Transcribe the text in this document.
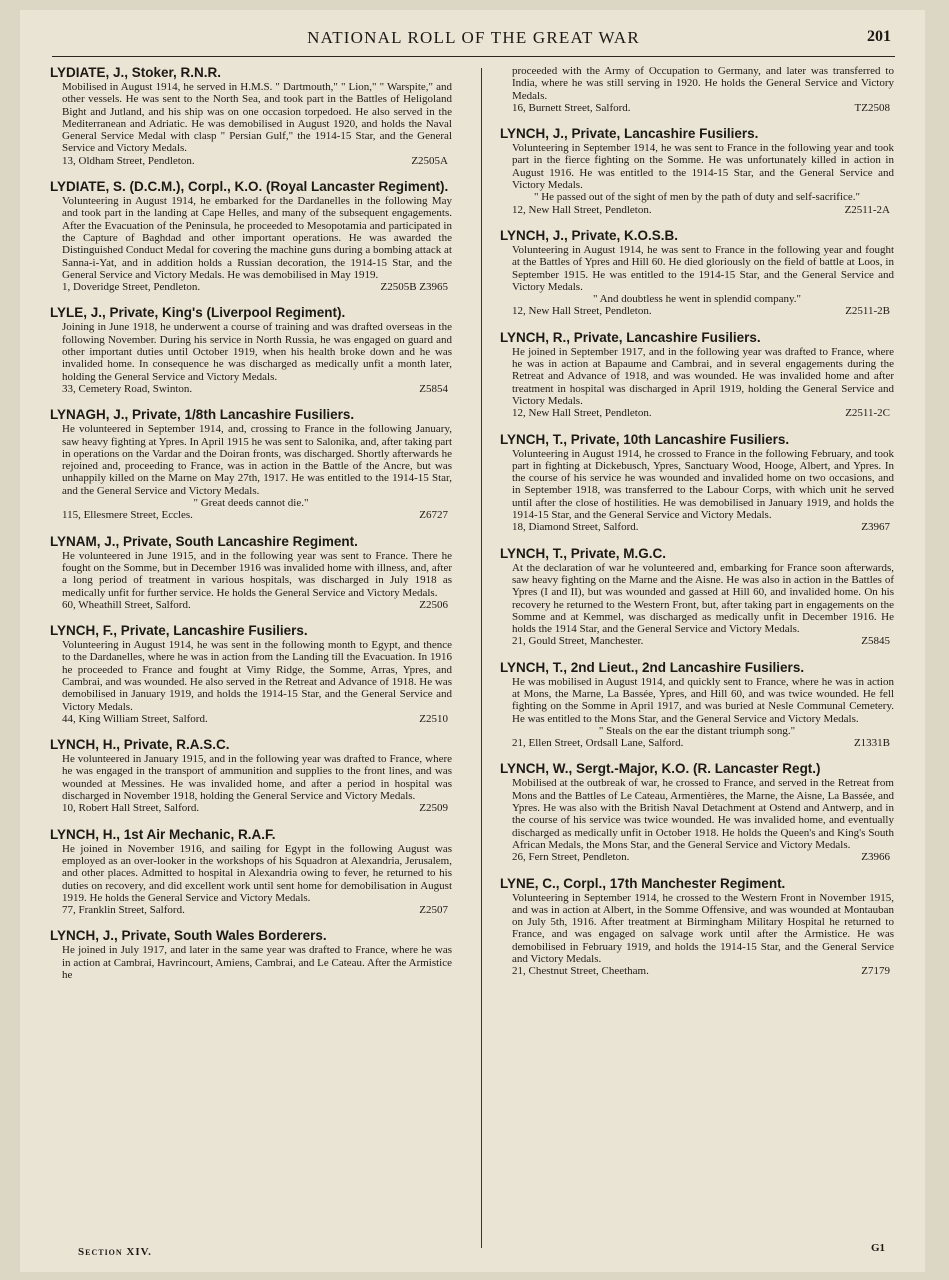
NATIONAL ROLL OF THE GREAT WAR	201
LYDIATE, J., Stoker, R.N.R.
Mobilised in August 1914, he served in H.M.S. " Dartmouth," " Lion," " Warspite," and other vessels. He was sent to the North Sea, and took part in the Battles of Heligoland Bight and Jutland, and his ship was on one occasion torpedoed. He also served in the Mediterranean and Adriatic. He was demobilised in August 1920, and holds the Naval General Service Medal with clasp " Persian Gulf," the 1914-15 Star, and the General Service and Victory Medals.
13, Oldham Street, Pendleton.	Z2505A
LYDIATE, S. (D.C.M.), Corpl., K.O. (Royal Lancaster Regiment).
Volunteering in August 1914, he embarked for the Dardanelles in the following May and took part in the landing at Cape Helles, and many of the subsequent engagements. After the Evacuation of the Peninsula, he proceeded to Mesopotamia and participated in the Capture of Baghdad and other important operations. He was awarded the Distinguished Conduct Medal for covering the machine guns during a bombing attack at Sanna-i-Yat, and in addition holds a Russian decoration, the 1914-15 Star, and the General Service and Victory Medals. He was demobilised in May 1919.
1, Doveridge Street, Pendleton.	Z2505B Z3965
LYLE, J., Private, King's (Liverpool Regiment).
Joining in June 1918, he underwent a course of training and was drafted overseas in the following November. During his service in North Russia, he was engaged on guard and other important duties until October 1919, when his health broke down and he was invalided home. In consequence he was discharged as medically unfit a month later, holding the General Service and Victory Medals.
33, Cemetery Road, Swinton.	Z5854
LYNAGH, J., Private, 1/8th Lancashire Fusiliers.
He volunteered in September 1914, and, crossing to France in the following January, saw heavy fighting at Ypres. In April 1915 he was sent to Salonika, and, after taking part in operations on the Vardar and the Doiran fronts, was discharged. Shortly afterwards he rejoined and, proceeding to France, was in action in the Battle of the Ancre, but was unhappily killed on the Marne on May 27th, 1917. He was entitled to the 1914-15 Star, and the General Service and Victory Medals.
" Great deeds cannot die."
115, Ellesmere Street, Eccles.	Z6727
LYNAM, J., Private, South Lancashire Regiment.
He volunteered in June 1915, and in the following year was sent to France. There he fought on the Somme, but in December 1916 was invalided home with illness, and, after a long period of treatment in various hospitals, was discharged in July 1918 as medically unfit for further service. He holds the General Service and Victory Medals.
60, Wheathill Street, Salford.	Z2506
LYNCH, F., Private, Lancashire Fusiliers.
Volunteering in August 1914, he was sent in the following month to Egypt, and thence to the Dardanelles, where he was in action from the Landing till the Evacuation. In 1916 he proceeded to France and fought at Vimy Ridge, the Somme, Arras, Ypres, and Cambrai, and was wounded. He also served in the Retreat and Advance of 1918. He was demobilised in January 1919, and holds the 1914-15 Star, and the General Service and Victory Medals.
44, King William Street, Salford.	Z2510
LYNCH, H., Private, R.A.S.C.
He volunteered in January 1915, and in the following year was drafted to France, where he was engaged in the transport of ammunition and supplies to the front lines, and was wounded at Messines. He was invalided home, and after a period in hospital was discharged in November 1918, holding the General Service and Victory Medals.
10, Robert Hall Street, Salford.	Z2509
LYNCH, H., 1st Air Mechanic, R.A.F.
He joined in November 1916, and sailing for Egypt in the following August was employed as an over-looker in the workshops of his Squadron at Alexandria, Jerusalem, and other places. Admitted to hospital in Alexandria owing to fever, he returned to his duties on recovery, and did excellent work until sent home for demobilisation in August 1919. He holds the General Service and Victory Medals.
77, Franklin Street, Salford.	Z2507
LYNCH, J., Private, South Wales Borderers.
He joined in July 1917, and later in the same year was drafted to France, where he was in action at Cambrai, Havrincourt, Amiens, Cambrai, and Le Cateau. After the Armistice he
proceeded with the Army of Occupation to Germany, and later was transferred to India, where he was still serving in 1920. He holds the General Service and Victory Medals.
16, Burnett Street, Salford.	TZ2508
LYNCH, J., Private, Lancashire Fusiliers.
Volunteering in September 1914, he was sent to France in the following year and took part in the fierce fighting on the Somme. He was unfortunately killed in action in August 1916. He was entitled to the 1914-15 Star, and the General Service and Victory Medals.
" He passed out of the sight of men by the path of duty and self-sacrifice."
12, New Hall Street, Pendleton.	Z2511-2A
LYNCH, J., Private, K.O.S.B.
Volunteering in August 1914, he was sent to France in the following year and fought at the Battles of Ypres and Hill 60. He died gloriously on the field of battle at Loos, in September 1915. He was entitled to the 1914-15 Star, and the General Service and Victory Medals.
" And doubtless he went in splendid company."
12, New Hall Street, Pendleton.	Z2511-2B
LYNCH, R., Private, Lancashire Fusiliers.
He joined in September 1917, and in the following year was drafted to France, where he was in action at Bapaume and Cambrai, and in several engagements during the Retreat and Advance of 1918, and was wounded. He was invalided home and after treatment in hospital was discharged in April 1919, holding the General Service and Victory Medals.
12, New Hall Street, Pendleton.	Z2511-2C
LYNCH, T., Private, 10th Lancashire Fusiliers.
Volunteering in August 1914, he crossed to France in the following February, and took part in fighting at Dickebusch, Ypres, Sanctuary Wood, Hooge, Albert, and Ypres. In the course of his service he was wounded and invalided home on two occasions, and in September 1918, was transferred to the Labour Corps, with which unit he served until after the close of hostilities. He was demobilised in January 1919, and holds the 1914-15 Star, and the General Service and Victory Medals.
18, Diamond Street, Salford.	Z3967
LYNCH, T., Private, M.G.C.
At the declaration of war he volunteered and, embarking for France soon afterwards, saw heavy fighting on the Marne and the Aisne. He was also in action in the Battles of Ypres (I and II), but was wounded and gassed at Hill 60, and invalided home. On his recovery he returned to the Western Front, but, after taking part in engagements on the Somme and at Kemmel, was discharged as medically unfit in December 1916. He holds the 1914 Star, and the General Service and Victory Medals.
21, Gould Street, Manchester.	Z5845
LYNCH, T., 2nd Lieut., 2nd Lancashire Fusiliers.
He was mobilised in August 1914, and quickly sent to France, where he was in action at Mons, the Marne, La Bassée, Ypres, and Hill 60, and was twice wounded. He fell fighting on the Somme in April 1917, and was buried at Nesle Communal Cemetery. He was entitled to the Mons Star, and the General Service and Victory Medals.
" Steals on the ear the distant triumph song."
21, Ellen Street, Ordsall Lane, Salford.	Z1331B
LYNCH, W., Sergt.-Major, K.O. (R. Lancaster Regt.)
Mobilised at the outbreak of war, he crossed to France, and served in the Retreat from Mons and the Battles of Le Cateau, Armentières, the Marne, the Aisne, La Bassée, and Ypres. He was also with the British Naval Detachment at Ostend and Antwerp, and in the course of his service was twice wounded. He was invalided home, and eventually discharged as medically unfit in October 1918. He holds the Queen's and King's South African Medals, the Mons Star, and the General Service and Victory Medals.
26, Fern Street, Pendleton.	Z3966
LYNE, C., Corpl., 17th Manchester Regiment.
Volunteering in September 1914, he crossed to the Western Front in November 1915, and was in action at Albert, in the Somme Offensive, and was wounded at Montauban on July 5th, 1916. After treatment at Birmingham Military Hospital he returned to France, and was engaged on salvage work until after the Armistice. He was demobilised in February 1919, and holds the 1914-15 Star, and the General Service and Victory Medals.
21, Chestnut Street, Cheetham.	Z7179
Section XIV.	G1
